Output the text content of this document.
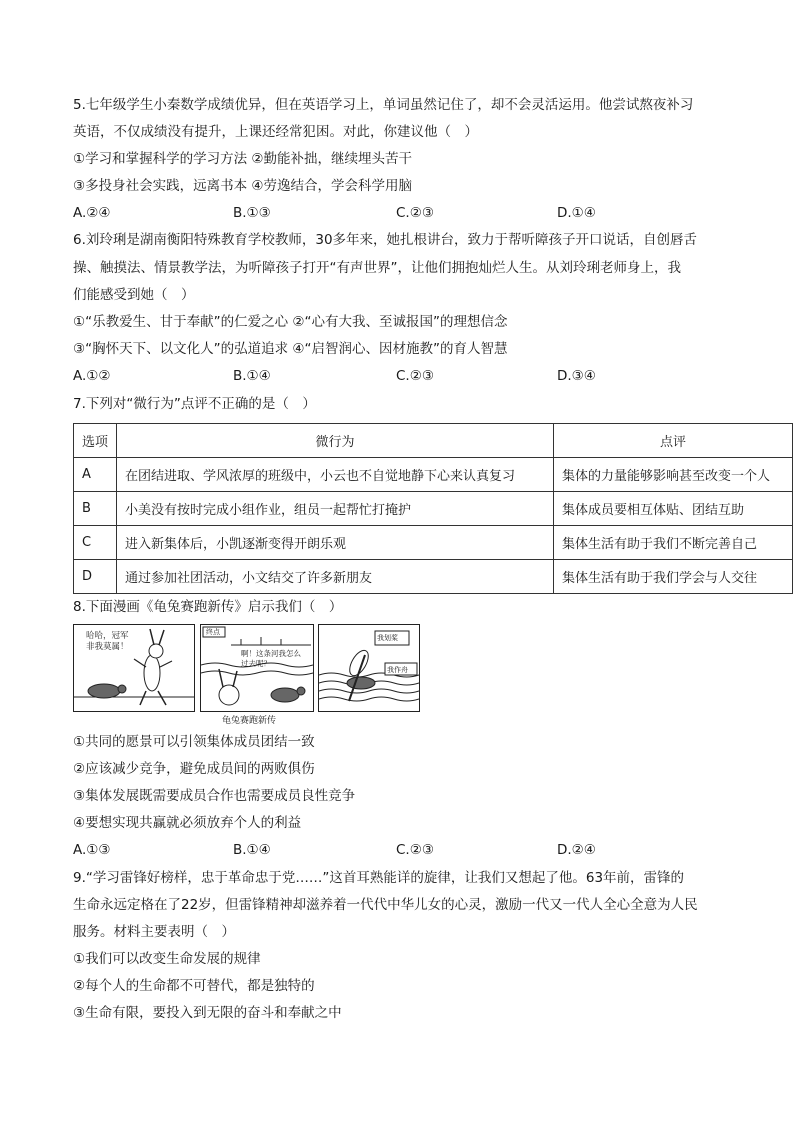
5.七年级学生小秦数学成绩优异，但在英语学习上，单词虽然记住了，却不会灵活运用。他尝试熬夜补习
英语，不仅成绩没有提升，上课还经常犯困。对此，你建议他（　）
①学习和掌握科学的学习方法 ②勤能补拙，继续埋头苦干
③多投身社会实践，远离书本 ④劳逸结合，学会科学用脑
A.②④	B.①③	C.②③	D.①④
6.刘玲琍是湖南衡阳特殊教育学校教师，30多年来，她扎根讲台，致力于帮听障孩子开口说话，自创唇舌
操、触摸法、情景教学法，为听障孩子打开“有声世界”，让他们拥抱灿烂人生。从刘玲琍老师身上，我
们能感受到她（　）
①“乐教爱生、甘于奉献”的仁爱之心 ②“心有大我、至诚报国”的理想信念
③“胸怀天下、以文化人”的弘道追求 ④“启智润心、因材施教”的育人智慧
A.①②	B.①④	C.②③	D.③④
7.下列对“微行为”点评不正确的是（　）
选项	微行为	点评
A	在团结进取、学风浓厚的班级中，小云也不自觉地静下心来认真复习	集体的力量能够影响甚至改变一个人
B	小美没有按时完成小组作业，组员一起帮忙打掩护	集体成员要相互体贴、团结互助
C	进入新集体后，小凯逐渐变得开朗乐观	集体生活有助于我们不断完善自己
D	通过参加社团活动，小文结交了许多新朋友	集体生活有助于我们学会与人交往
8.下面漫画《龟兔赛跑新传》启示我们（　）
哈哈，冠军非我莫属！
终点
啊！这条河我怎么过去呢？
我划桨
我作舟
龟兔赛跑新传
①共同的愿景可以引领集体成员团结一致
②应该减少竞争，避免成员间的两败俱伤
③集体发展既需要成员合作也需要成员良性竞争
④要想实现共赢就必须放弃个人的利益
A.①③	B.①④	C.②③	D.②④
9.“学习雷锋好榜样，忠于革命忠于党……”这首耳熟能详的旋律，让我们又想起了他。63年前，雷锋的
生命永远定格在了22岁，但雷锋精神却滋养着一代代中华儿女的心灵，激励一代又一代人全心全意为人民
服务。材料主要表明（　）
①我们可以改变生命发展的规律
②每个人的生命都不可替代，都是独特的
③生命有限，要投入到无限的奋斗和奉献之中
